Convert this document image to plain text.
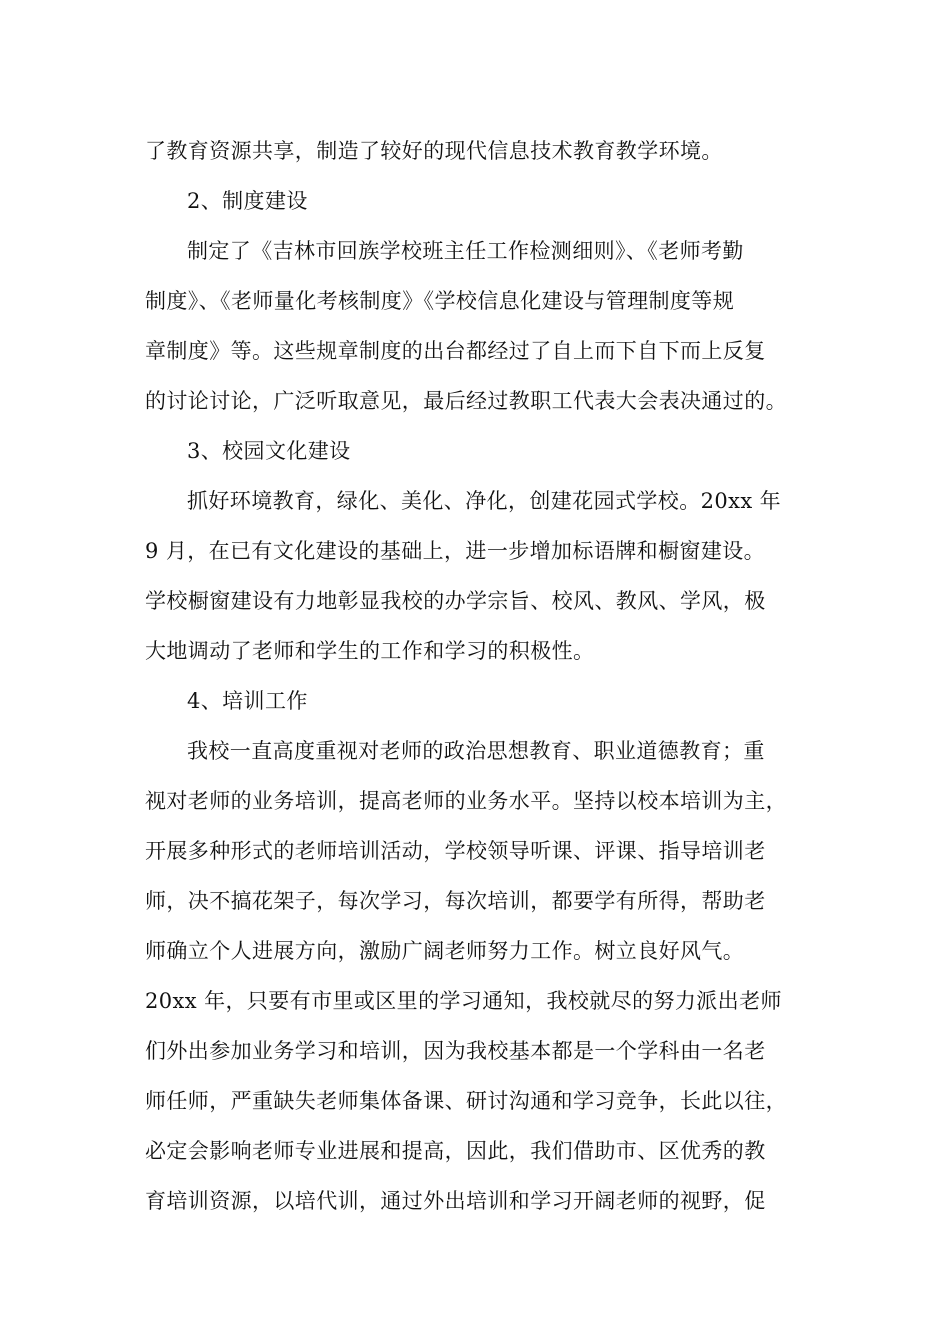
了教育资源共享，制造了较好的现代信息技术教育教学环境。
2、制度建设
制定了《吉林市回族学校班主任工作检测细则》、《老师考勤
制度》、《老师量化考核制度》《学校信息化建设与管理制度等规
章制度》等。这些规章制度的出台都经过了自上而下自下而上反复
的讨论讨论，广泛听取意见，最后经过教职工代表大会表决通过的。
3、校园文化建设
抓好环境教育，绿化、美化、净化，创建花园式学校。20xx 年
9 月，在已有文化建设的基础上，进一步增加标语牌和橱窗建设。
学校橱窗建设有力地彰显我校的办学宗旨、校风、教风、学风，极
大地调动了老师和学生的工作和学习的积极性。
4、培训工作
我校一直高度重视对老师的政治思想教育、职业道德教育；重
视对老师的业务培训，提高老师的业务水平。坚持以校本培训为主，
开展多种形式的老师培训活动，学校领导听课、评课、指导培训老
师，决不搞花架子，每次学习，每次培训，都要学有所得，帮助老
师确立个人进展方向，激励广阔老师努力工作。树立良好风气。
20xx 年，只要有市里或区里的学习通知，我校就尽的努力派出老师
们外出参加业务学习和培训，因为我校基本都是一个学科由一名老
师任师，严重缺失老师集体备课、研讨沟通和学习竞争，长此以往，
必定会影响老师专业进展和提高，因此，我们借助市、区优秀的教
育培训资源，以培代训，通过外出培训和学习开阔老师的视野，促
